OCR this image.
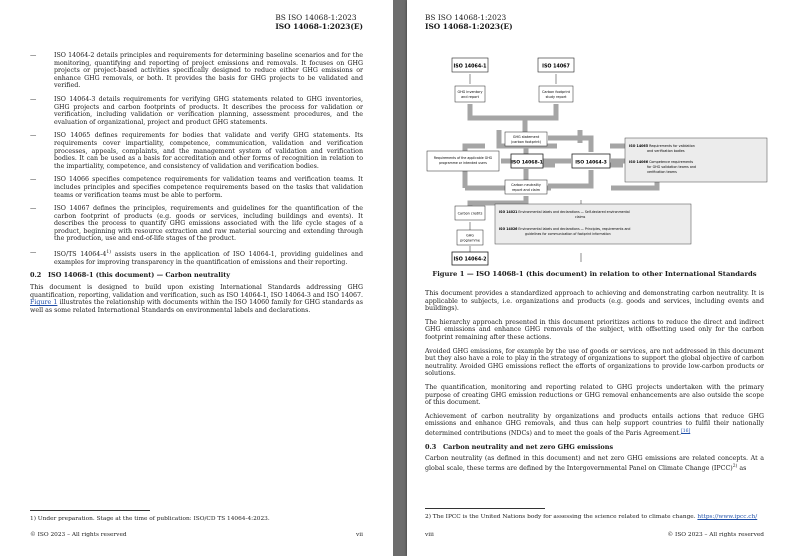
BS ISO 14068-1:2023
ISO 14068-1:2023(E)
—	ISO 14064-2 details principles and requirements for determining baseline scenarios and for the monitoring, quantifying and reporting of project emissions and removals. It focuses on GHG projects or project-based activities specifically designed to reduce either GHG emissions or enhance GHG removals, or both. It provides the basis for GHG projects to be validated and verified.
—	ISO 14064-3 details requirements for verifying GHG statements related to GHG inventories, GHG projects and carbon footprints of products. It describes the process for validation or verification, including validation or verification planning, assessment procedures, and the evaluation of organizational, project and product GHG statements.
—	ISO 14065 defines requirements for bodies that validate and verify GHG statements. Its requirements cover impartiality, competence, communication, validation and verification processes, appeals, complaints, and the management system of validation and verification bodies. It can be used as a basis for accreditation and other forms of recognition in relation to the impartiality, competence, and consistency of validation and verification bodies.
—	ISO 14066 specifies competence requirements for validation teams and verification teams. It includes principles and specifies competence requirements based on the tasks that validation teams or verification teams must be able to perform.
—	ISO 14067 defines the principles, requirements and guidelines for the quantification of the carbon footprint of products (e.g. goods or services, including buildings and events). It describes the process to quantify GHG emissions associated with the life cycle stages of a product, beginning with resource extraction and raw material sourcing and extending through the production, use and end-of-life stages of the product.
—	ISO/TS 14064-4$^{1)}$ assists users in the application of ISO 14064-1, providing guidelines and examples for improving transparency in the quantification of emissions and their reporting.
0.2 ISO 14068-1 (this document) — Carbon neutrality
This document is designed to build upon existing International Standards addressing GHG quantification, reporting, validation and verification, such as ISO 14064-1, ISO 14064-3 and ISO 14067. Figure 1 illustrates the relationship with documents within the ISO 14060 family for GHG standards as well as some related International Standards on environmental labels and declarations.
1) Under preparation. Stage at the time of publication: ISO/CD TS 14064-4:2023.
© ISO 2023 – All rights reserved	vii
BS ISO 14068-1:2023
ISO 14068-1:2023(E)
ISO 14064-1	ISO 14067
GHG inventory
and report
Carbon footprint
study report
GHG statement
(carbon footprint)
Requirements of the applicable GHG
programme or intended users	ISO 14068-1	ISO 14064-3
ISO 14065 Requirements for validation
and verification bodies
ISO 14066 Competence requirements
for GHG validation teams and
verification teams
Carbon neutrality
report and claim
Carbon credits	ISO 14021 Environmental labels and declarations — Self-declared environmental
claims
ISO 14026 Environmental labels and declarations — Principles, requirements and
guidelines for communication of footprint information
GHG
programme
ISO 14064-2
Figure 1 — ISO 14068-1 (this document) in relation to other International Standards
This document provides a standardized approach to achieving and demonstrating carbon neutrality. It is applicable to subjects, i.e. organizations and products (e.g. goods and services, including events and buildings).
The hierarchy approach presented in this document prioritizes actions to reduce the direct and indirect GHG emissions and enhance GHG removals of the subject, with offsetting used only for the carbon footprint remaining after these actions.
Avoided GHG emissions, for example by the use of goods or services, are not addressed in this document but they also have a role to play in the strategy of organizations to support the global objective of carbon neutrality. Avoided GHG emissions reflect the efforts of organizations to provide low-carbon products or solutions.
The quantification, monitoring and reporting related to GHG projects undertaken with the primary purpose of creating GHG emission reductions or GHG removal enhancements are also outside the scope of this document.
Achievement of carbon neutrality by organizations and products entails actions that reduce GHG emissions and enhance GHG removals, and thus can help support countries to fulfil their nationally determined contributions (NDCs) and to meet the goals of the Paris Agreement.[16]
0.3 Carbon neutrality and net zero GHG emissions
Carbon neutrality (as defined in this document) and net zero GHG emissions are related concepts. At a global scale, these terms are defined by the Intergovernmental Panel on Climate Change (IPCC)$^{2)}$ as
2) The IPCC is the United Nations body for assessing the science related to climate change. https://www.ipcc.ch/
viii	© ISO 2023 – All rights reserved
